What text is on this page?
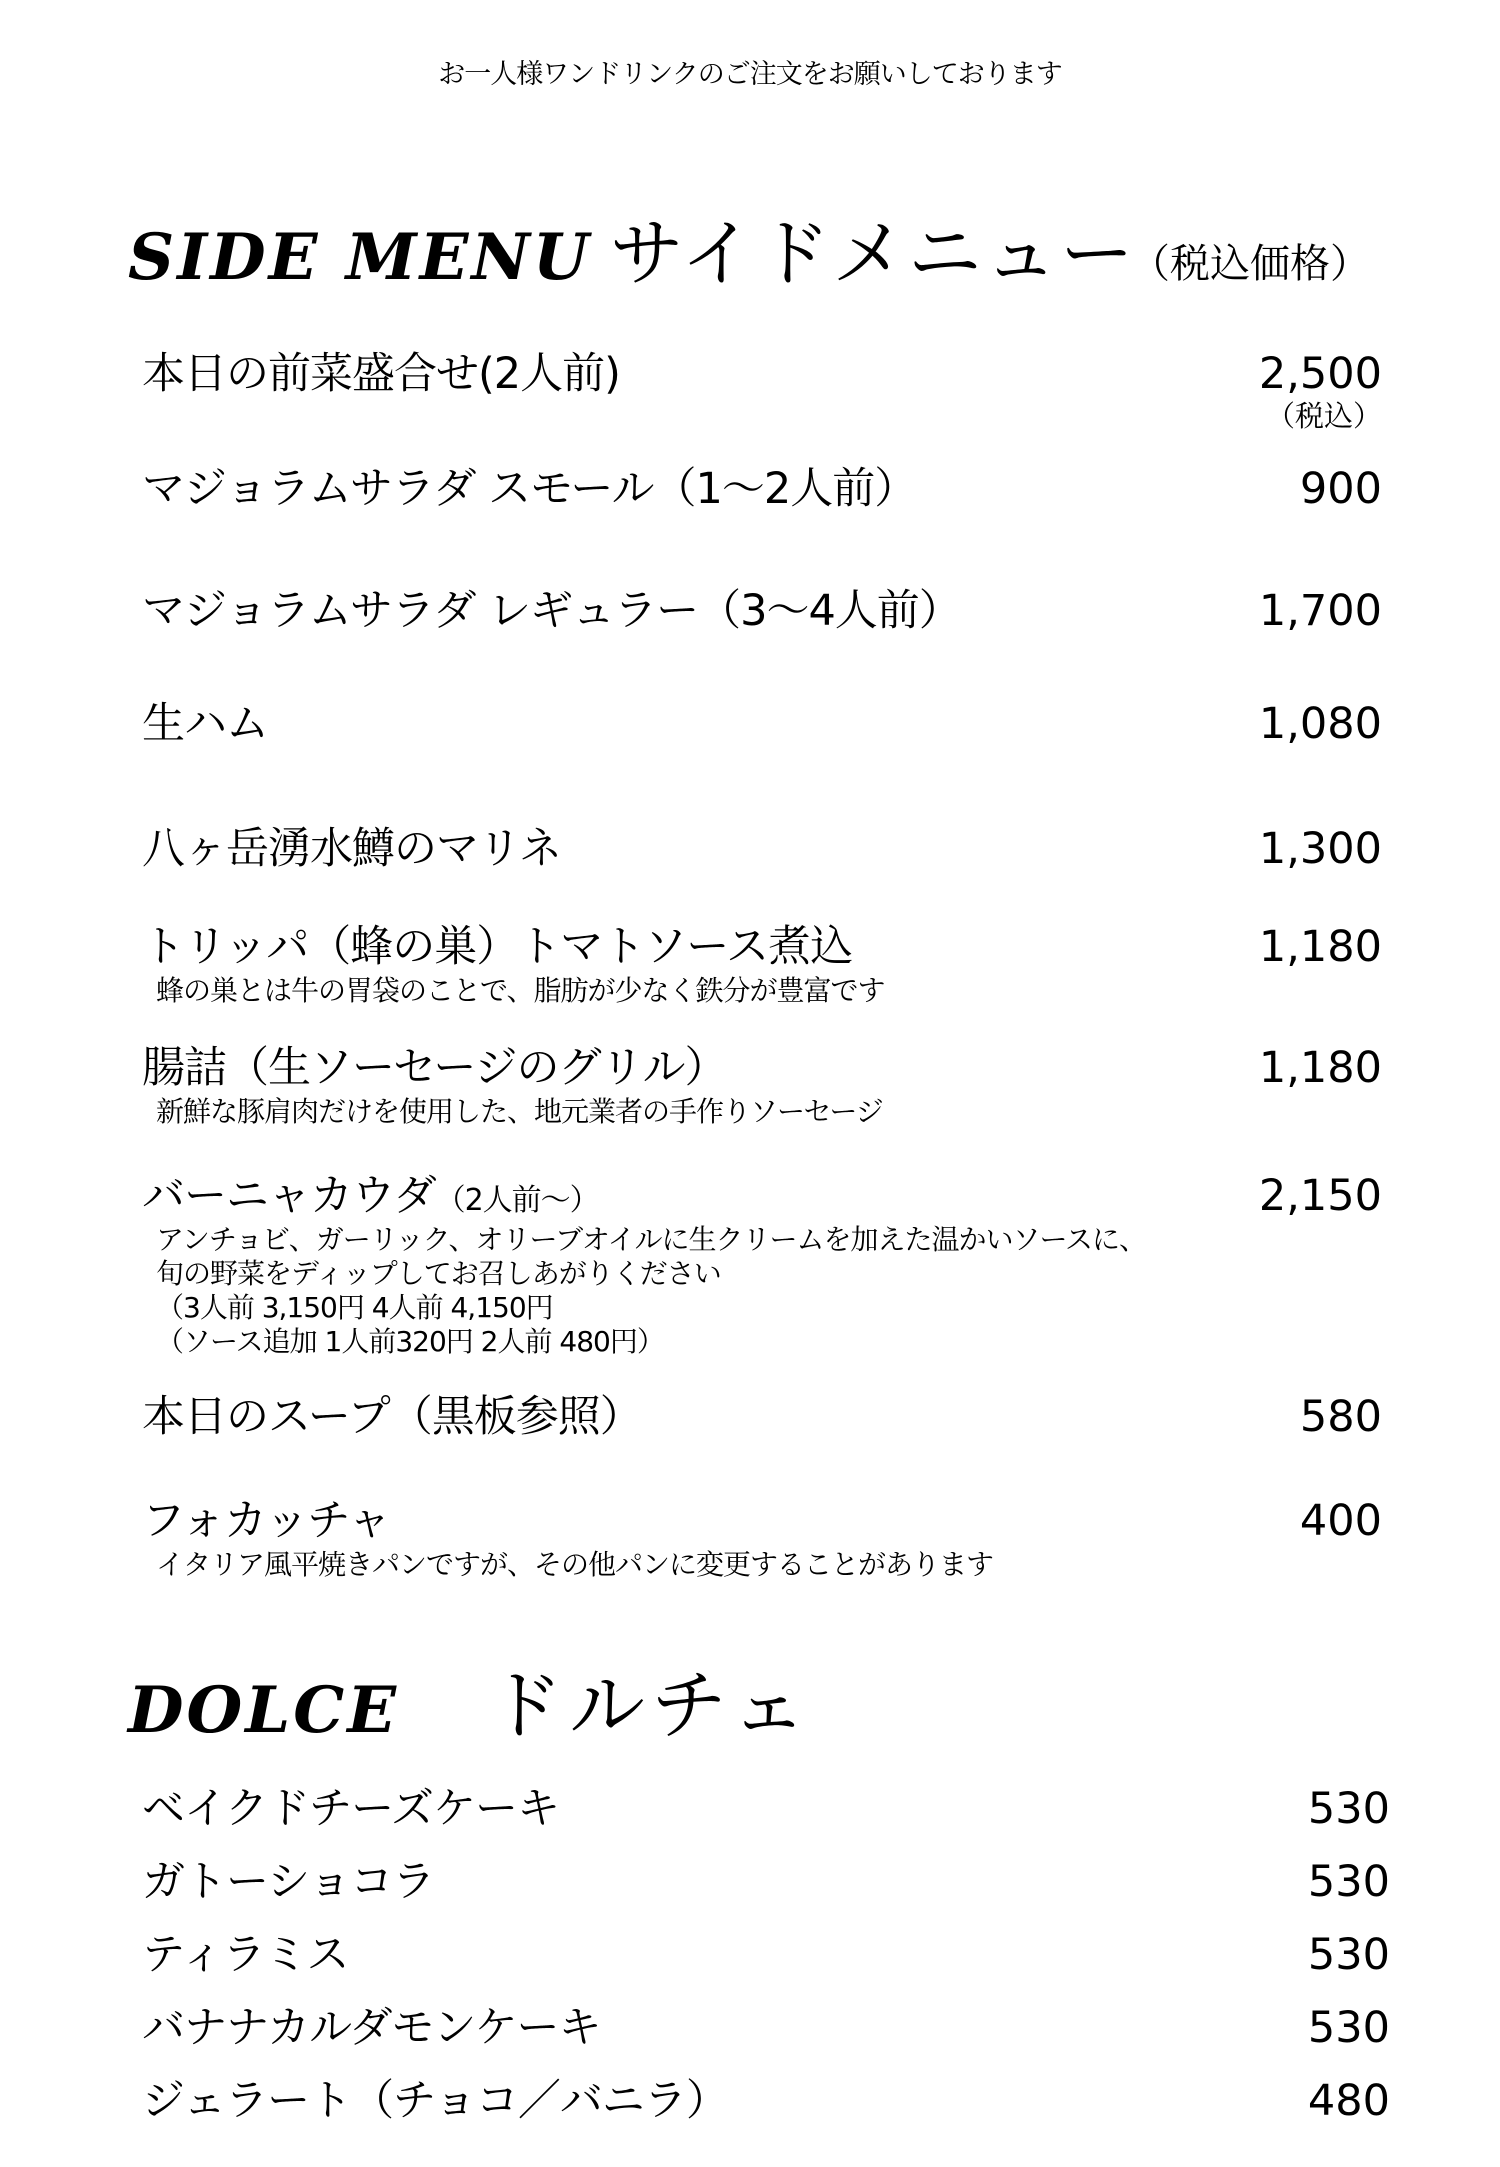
お一人様ワンドリンクのご注文をお願いしております
SIDE MENU サイドメニュー
（税込価格）
本日の前菜盛合せ(2人前)	2,500
（税込）
マジョラムサラダ スモール（1～2人前）	900
マジョラムサラダ レギュラー（3～4人前）	1,700
生ハム	1,080
八ヶ岳湧水鱒のマリネ	1,300
トリッパ（蜂の巣）トマトソース煮込	1,180
蜂の巣とは牛の胃袋のことで、脂肪が少なく鉄分が豊富です
腸詰（生ソーセージのグリル）	1,180
新鮮な豚肩肉だけを使用した、地元業者の手作りソーセージ
バーニャカウダ（2人前～）	2,150
アンチョビ、ガーリック、オリーブオイルに生クリームを加えた温かいソースに、
旬の野菜をディップしてお召しあがりください
（3人前 3,150円 4人前 4,150円
（ソース追加 1人前320円 2人前 480円）
本日のスープ（黒板参照）	580
フォカッチャ	400
イタリア風平焼きパンですが、その他パンに変更することがあります
DOLCE ドルチェ
ベイクドチーズケーキ	530
ガトーショコラ	530
ティラミス	530
バナナカルダモンケーキ	530
ジェラート（チョコ／バニラ）	480
